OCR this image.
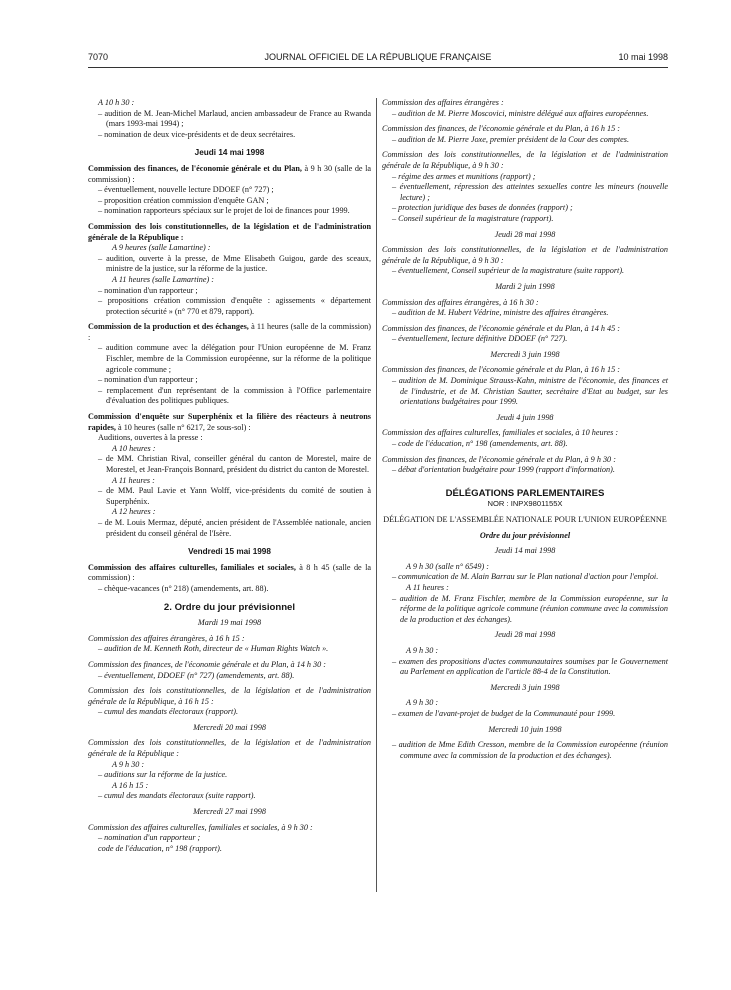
7070	JOURNAL OFFICIEL DE LA RÉPUBLIQUE FRANÇAISE	10 mai 1998

A 10 h 30 :

– audition de M. Jean-Michel Marlaud, ancien ambassadeur de France au Rwanda (mars 1993-mai 1994) ;

– nomination de deux vice-présidents et de deux secrétaires.

Jeudi 14 mai 1998

Commission des finances, de l'économie générale et du Plan, à 9 h 30 (salle de la commission) :

– éventuellement, nouvelle lecture DDOEF (n° 727) ;

– proposition création commission d'enquête GAN ;

– nomination rapporteurs spéciaux sur le projet de loi de finances pour 1999.

Commission des lois constitutionnelles, de la législation et de l'administration générale de la République :

A 9 heures (salle Lamartine) :

– audition, ouverte à la presse, de Mme Elisabeth Guigou, garde des sceaux, ministre de la justice, sur la réforme de la justice.

A 11 heures (salle Lamartine) :

– nomination d'un rapporteur ;

– propositions création commission d'enquête : agissements « département protection sécurité » (n° 770 et 879, rapport).

Commission de la production et des échanges, à 11 heures (salle de la commission) :

– audition commune avec la délégation pour l'Union européenne de M. Franz Fischler, membre de la Commission européenne, sur la réforme de la politique agricole commune ;

– nomination d'un rapporteur ;

– remplacement d'un représentant de la commission à l'Office parlementaire d'évaluation des politiques publiques.

Commission d'enquête sur Superphénix et la filière des réacteurs à neutrons rapides, à 10 heures (salle n° 6217, 2e sous-sol) :

Auditions, ouvertes à la presse :

A 10 heures :

– de MM. Christian Rival, conseiller général du canton de Morestel, maire de Morestel, et Jean-François Bonnard, président du district du canton de Morestel.

A 11 heures :

– de MM. Paul Lavie et Yann Wolff, vice-présidents du comité de soutien à Superphénix.

A 12 heures :

– de M. Louis Mermaz, député, ancien président de l'Assemblée nationale, ancien président du conseil général de l'Isère.

Vendredi 15 mai 1998

Commission des affaires culturelles, familiales et sociales, à 8 h 45 (salle de la commission) :

– chèque-vacances (n° 218) (amendements, art. 88).

2. Ordre du jour prévisionnel

Mardi 19 mai 1998

Commission des affaires étrangères, à 16 h 15 :

– audition de M. Kenneth Roth, directeur de « Human Rights Watch ».

Commission des finances, de l'économie générale et du Plan, à 14 h 30 :

– éventuellement, DDOEF (n° 727) (amendements, art. 88).

Commission des lois constitutionnelles, de la législation et de l'administration générale de la République, à 16 h 15 :

– cumul des mandats électoraux (rapport).

Mercredi 20 mai 1998

Commission des lois constitutionnelles, de la législation et de l'administration générale de la République :

A 9 h 30 :

– auditions sur la réforme de la justice.

A 16 h 15 :

– cumul des mandats électoraux (suite rapport).

Mercredi 27 mai 1998

Commission des affaires culturelles, familiales et sociales, à 9 h 30 :

– nomination d'un rapporteur ;

code de l'éducation, n° 198 (rapport).

Commission des affaires étrangères :

– audition de M. Pierre Moscovici, ministre délégué aux affaires européennes.

Commission des finances, de l'économie générale et du Plan, à 16 h 15 :

– audition de M. Pierre Joxe, premier président de la Cour des comptes.

Commission des lois constitutionnelles, de la législation et de l'administration générale de la République, à 9 h 30 :

– régime des armes et munitions (rapport) ;

– éventuellement, répression des atteintes sexuelles contre les mineurs (nouvelle lecture) ;

– protection juridique des bases de données (rapport) ;

– Conseil supérieur de la magistrature (rapport).

Jeudi 28 mai 1998

Commission des lois constitutionnelles, de la législation et de l'administration générale de la République, à 9 h 30 :

– éventuellement, Conseil supérieur de la magistrature (suite rapport).

Mardi 2 juin 1998

Commission des affaires étrangères, à 16 h 30 :

– audition de M. Hubert Védrine, ministre des affaires étrangères.

Commission des finances, de l'économie générale et du Plan, à 14 h 45 :

– éventuellement, lecture définitive DDOEF (n° 727).

Mercredi 3 juin 1998

Commission des finances, de l'économie générale et du Plan, à 16 h 15 :

– audition de M. Dominique Strauss-Kahn, ministre de l'économie, des finances et de l'industrie, et de M. Christian Sautter, secrétaire d'Etat au budget, sur les orientations budgétaires pour 1999.

Jeudi 4 juin 1998

Commission des affaires culturelles, familiales et sociales, à 10 heures :

– code de l'éducation, n° 198 (amendements, art. 88).

Commission des finances, de l'économie générale et du Plan, à 9 h 30 :

– débat d'orientation budgétaire pour 1999 (rapport d'information).

DÉLÉGATIONS PARLEMENTAIRES

NOR : INPX9801155X

DÉLÉGATION DE L'ASSEMBLÉE NATIONALE POUR L'UNION EUROPÉENNE

Ordre du jour prévisionnel

Jeudi 14 mai 1998

A 9 h 30 (salle n° 6549) :

– communication de M. Alain Barrau sur le Plan national d'action pour l'emploi.

A 11 heures :

– audition de M. Franz Fischler, membre de la Commission européenne, sur la réforme de la politique agricole commune (réunion commune avec la commission de la production et des échanges).

Jeudi 28 mai 1998

A 9 h 30 :

– examen des propositions d'actes communautaires soumises par le Gouvernement au Parlement en application de l'article 88-4 de la Constitution.

Mercredi 3 juin 1998

A 9 h 30 :

– examen de l'avant-projet de budget de la Communauté pour 1999.

Mercredi 10 juin 1998

– audition de Mme Edith Cresson, membre de la Commission européenne (réunion commune avec la commission de la production et des échanges).
